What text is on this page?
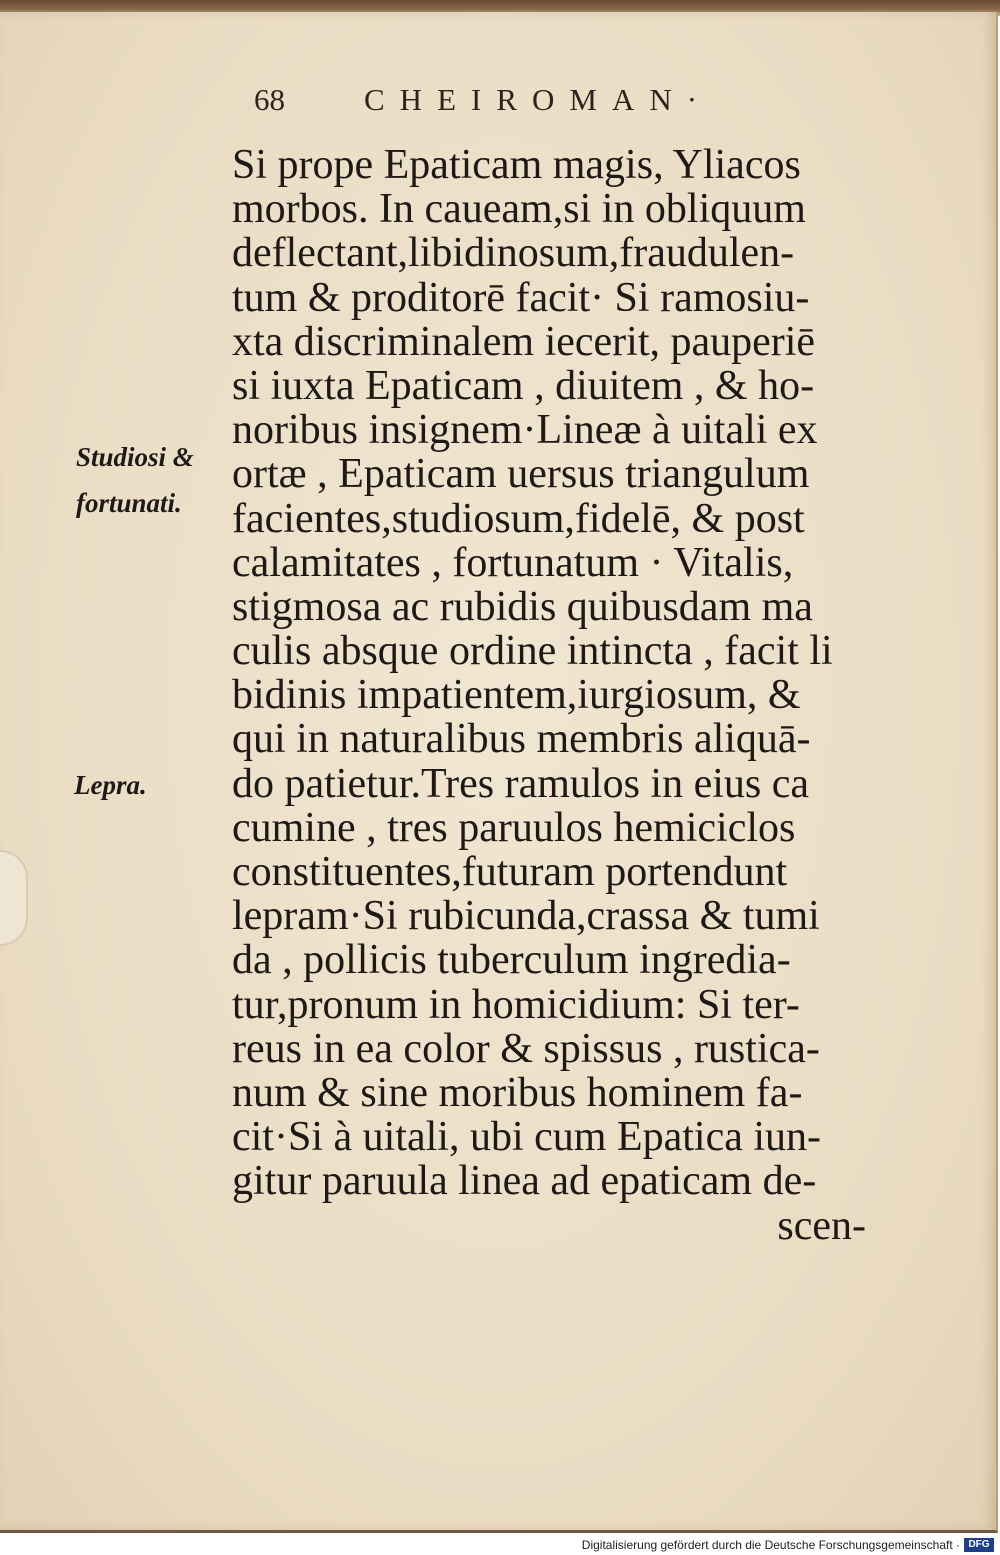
68	CHEIROMAN·
Si prope Epaticam magis, Yliacos
morbos. In caueam,si in obliquum
deflectant,libidinosum,fraudulen-
tum & proditorē facit· Si ramosiu-
xta discriminalem iecerit, pauperiē
si iuxta Epaticam , diuitem , & ho-
noribus insignem·Lineæ à uitali ex
ortæ , Epaticam uersus triangulum
facientes,studiosum,fidelē, & post
calamitates , fortunatum · Vitalis,
stigmosa ac rubidis quibusdam ma
culis absque ordine intincta , facit li
bidinis impatientem,iurgiosum, &
qui in naturalibus membris aliquā-
do patietur.Tres ramulos in eius ca
cumine , tres paruulos hemiciclos
constituentes,futuram portendunt
lepram·Si rubicunda,crassa & tumi
da , pollicis tuberculum ingredia-
tur,pronum in homicidium: Si ter-
reus in ea color & spissus , rustica-
num & sine moribus hominem fa-
cit·Si à uitali, ubi cum Epatica iun-
gitur paruula linea ad epaticam de-
scen-
Studiosi &
fortunati.
Lepra.
Digitalisierung gefördert durch die Deutsche Forschungsgemeinschaft · DFG
